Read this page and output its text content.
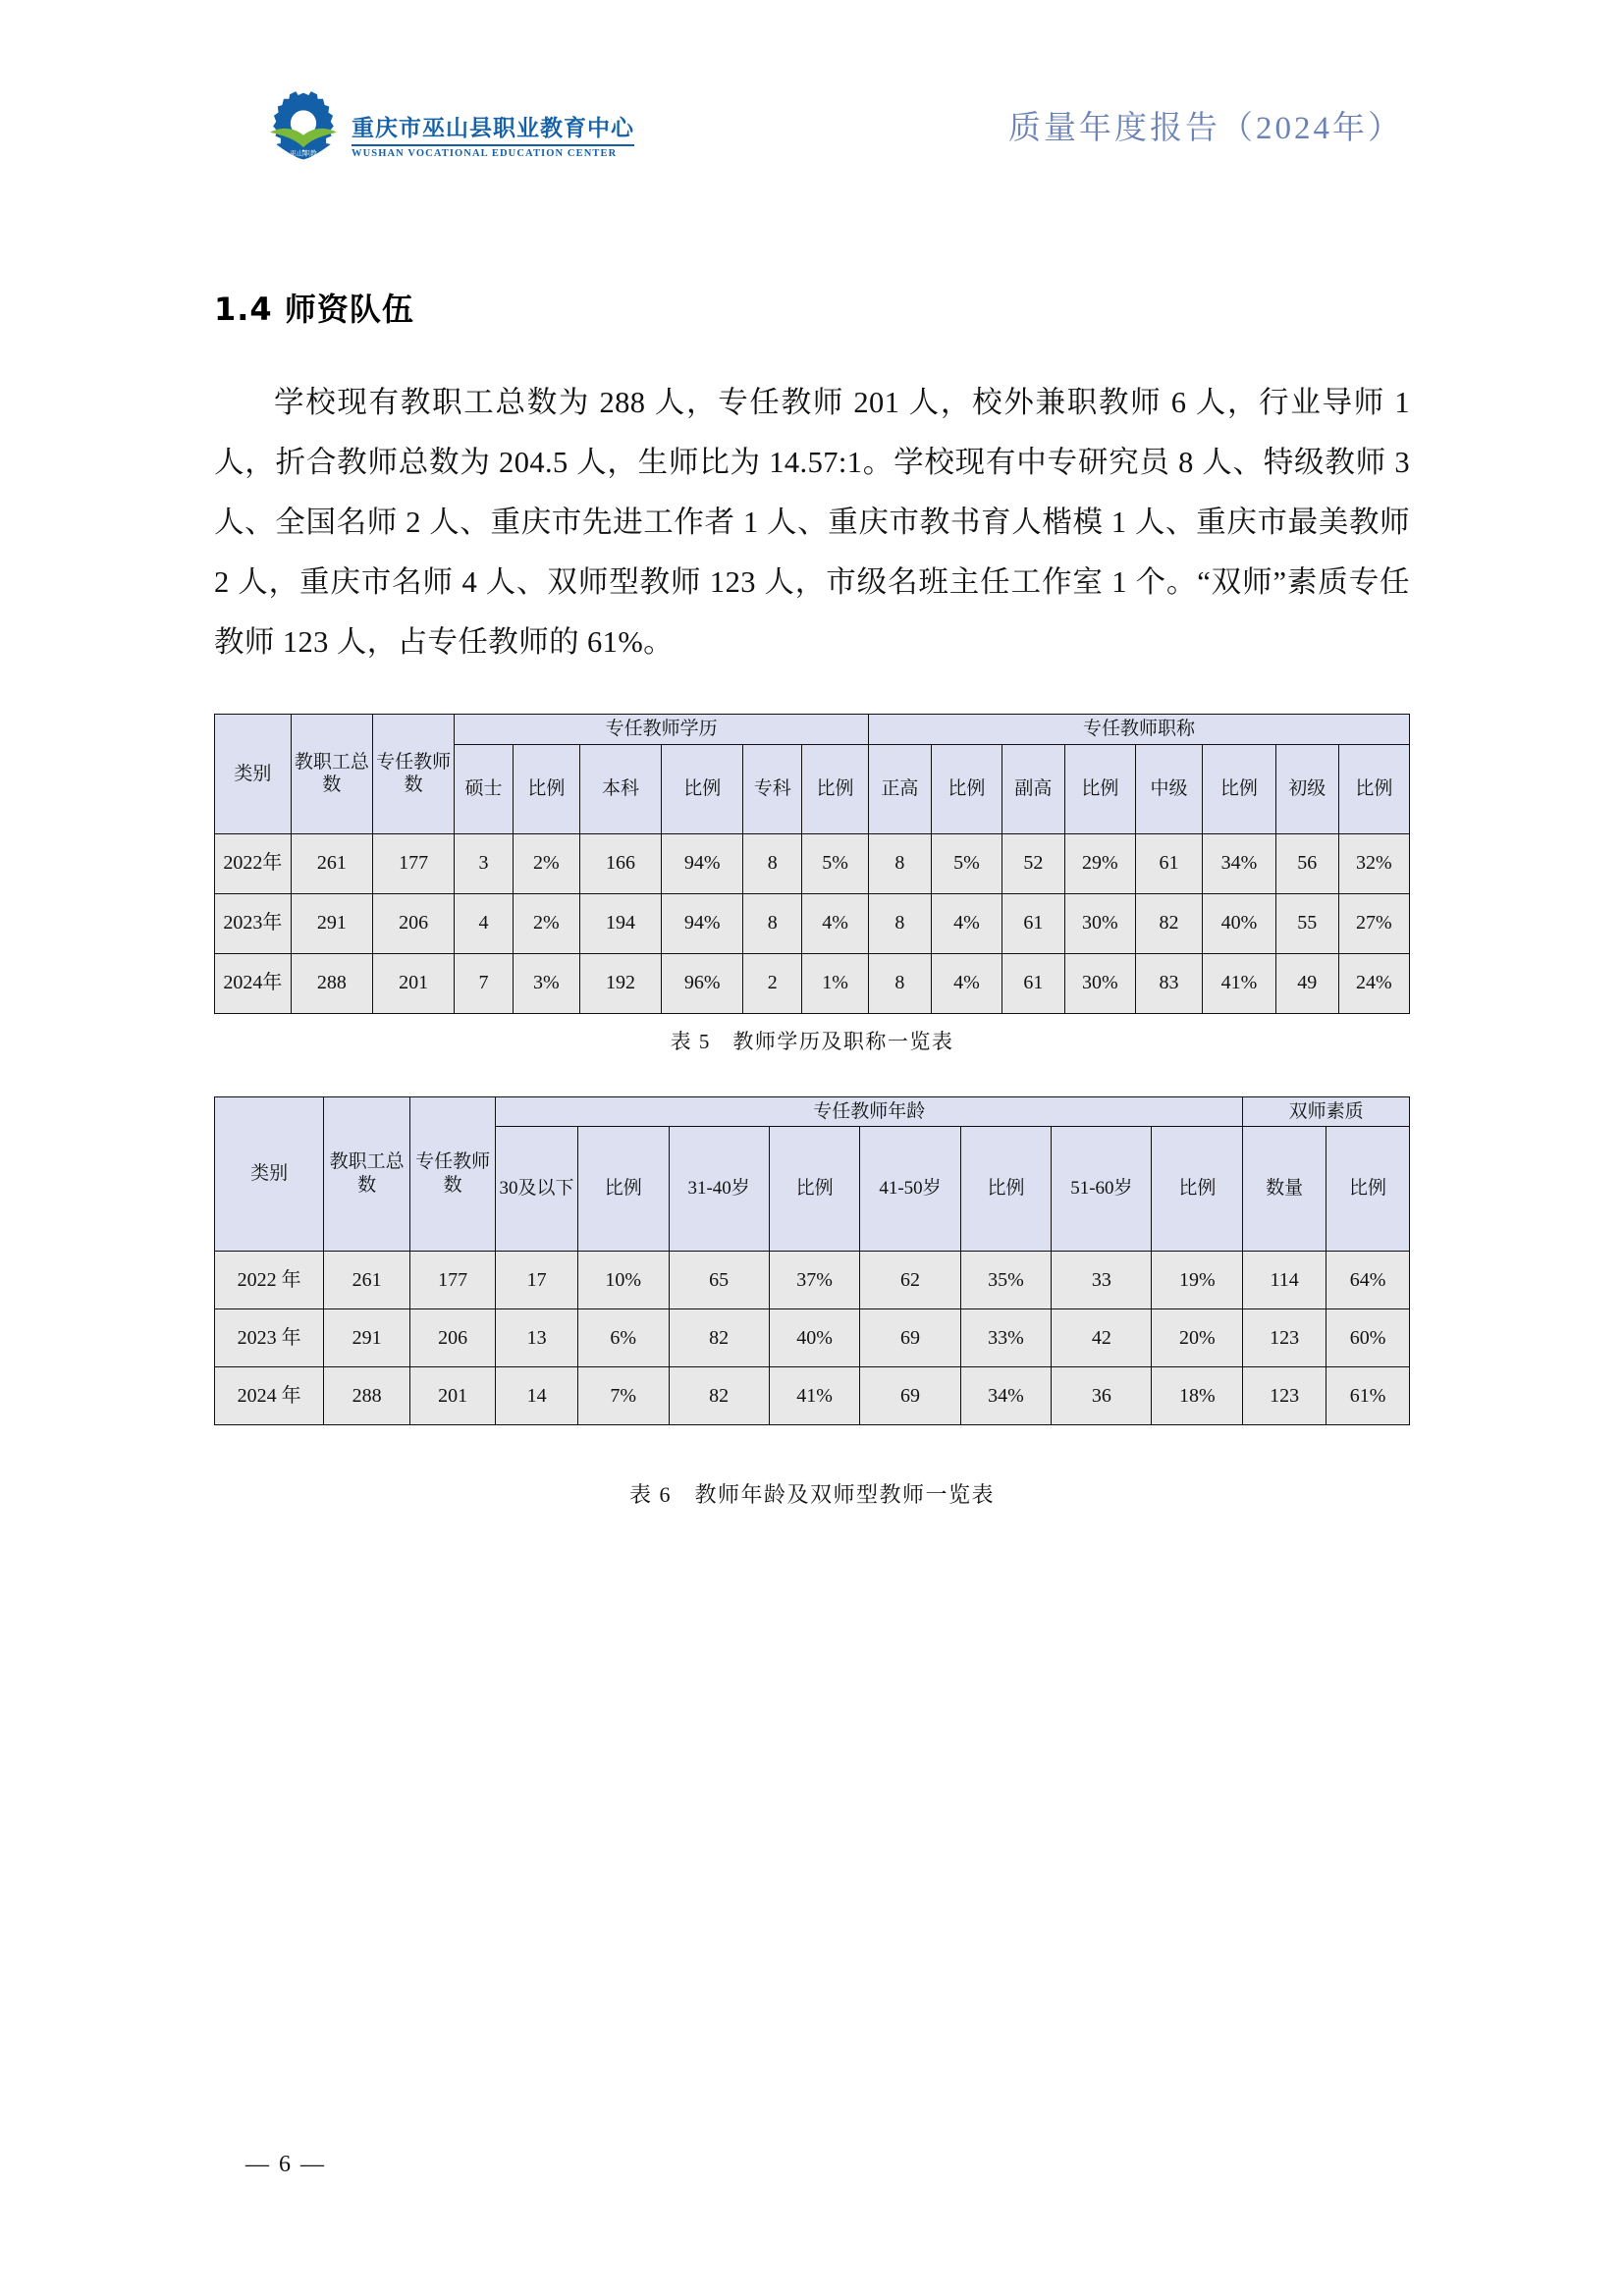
巫山职教
重庆市巫山县职业教育中心
WUSHAN VOCATIONAL EDUCATION CENTER
质量年度报告（2024年）
1.4 师资队伍

学校现有教职工总数为 288 人，专任教师 201 人，校外兼职教师 6 人，行业导师 1 人，折合教师总数为 204.5 人，生师比为 14.57:1。学校现有中专研究员 8 人、特级教师 3 人、全国名师 2 人、重庆市先进工作者 1 人、重庆市教书育人楷模 1 人、重庆市最美教师 2 人，重庆市名师 4 人、双师型教师 123 人，市级名班主任工作室 1 个。“双师”素质专任教师 123 人，占专任教师的 61%。

类别	教职工总数	专任教师数	专任教师学历						专任教师职称							
			硕士	比例	本科	比例	专科	比例	正高	比例	副高	比例	中级	比例	初级	比例
2022年	261	177	3	2%	166	94%	8	5%	8	5%	52	29%	61	34%	56	32%
2023年	291	206	4	2%	194	94%	8	4%	8	4%	61	30%	82	40%	55	27%
2024年	288	201	7	3%	192	96%	2	1%	8	4%	61	30%	83	41%	49	24%

表 5　教师学历及职称一览表

类别	教职工总数	专任教师数	专任教师年龄								双师素质	
			30及以下	比例	31-40岁	比例	41-50岁	比例	51-60岁	比例	数量	比例
2022 年	261	177	17	10%	65	37%	62	35%	33	19%	114	64%
2023 年	291	206	13	6%	82	40%	69	33%	42	20%	123	60%
2024 年	288	201	14	7%	82	41%	69	34%	36	18%	123	61%

表 6　教师年龄及双师型教师一览表

— 6 —
